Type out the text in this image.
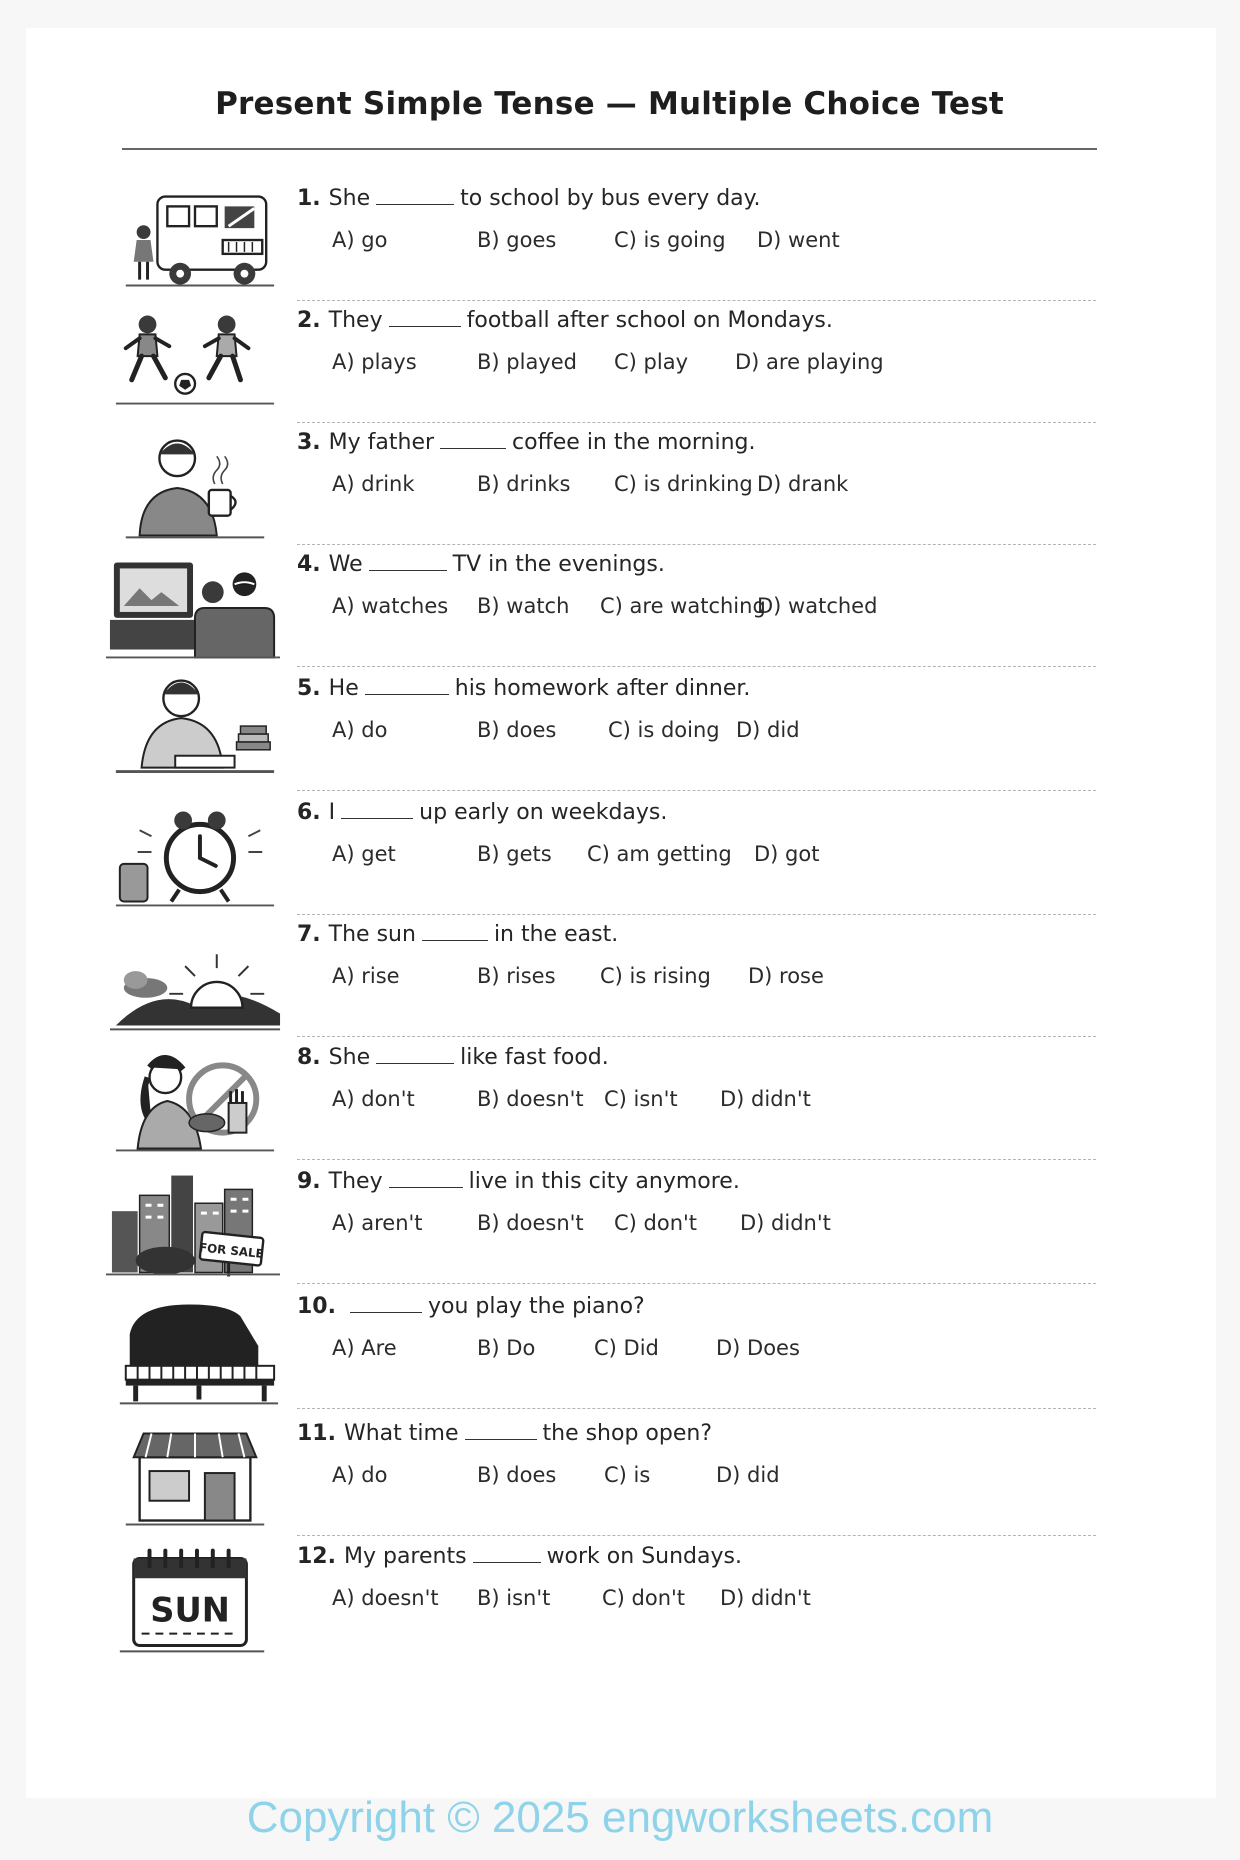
Present Simple Tense — Multiple Choice Test
1. She	to school by bus every day.
A) go	B) goes	C) is going D) went
2. They	football after school on Mondays.
A) plays	B) played C) play D) are playing
3. My father	coffee in the morning.
A) drink	B) drinks C) is drinking D) drank
4. We	TV in the evenings.
A) watches B) watch C) are watching
D) watched
5. He	his homework after dinner.
A) do	B) does C) is doing D) did
6. I	up early on weekdays.
A) get	B) gets C) am getting D) got
7. The sun	in the east.
A) rise	B) rises C) is rising D) rose
8. She	like fast food.
A) don't	B) doesn't C) isn't D) didn't
FOR SALE
9. They	live in this city anymore.
A) aren't	B) doesn't C) don't D) didn't
10.	you play the piano?
A) Are	B) Do	C) Did	D) Does
11. What time	the shop open?
A) do	B) does C) is	D) did
SUN
12. My parents	work on Sundays.
A) doesn't B) isn't C) don't D) didn't
Copyright © 2025 engworksheets.com
